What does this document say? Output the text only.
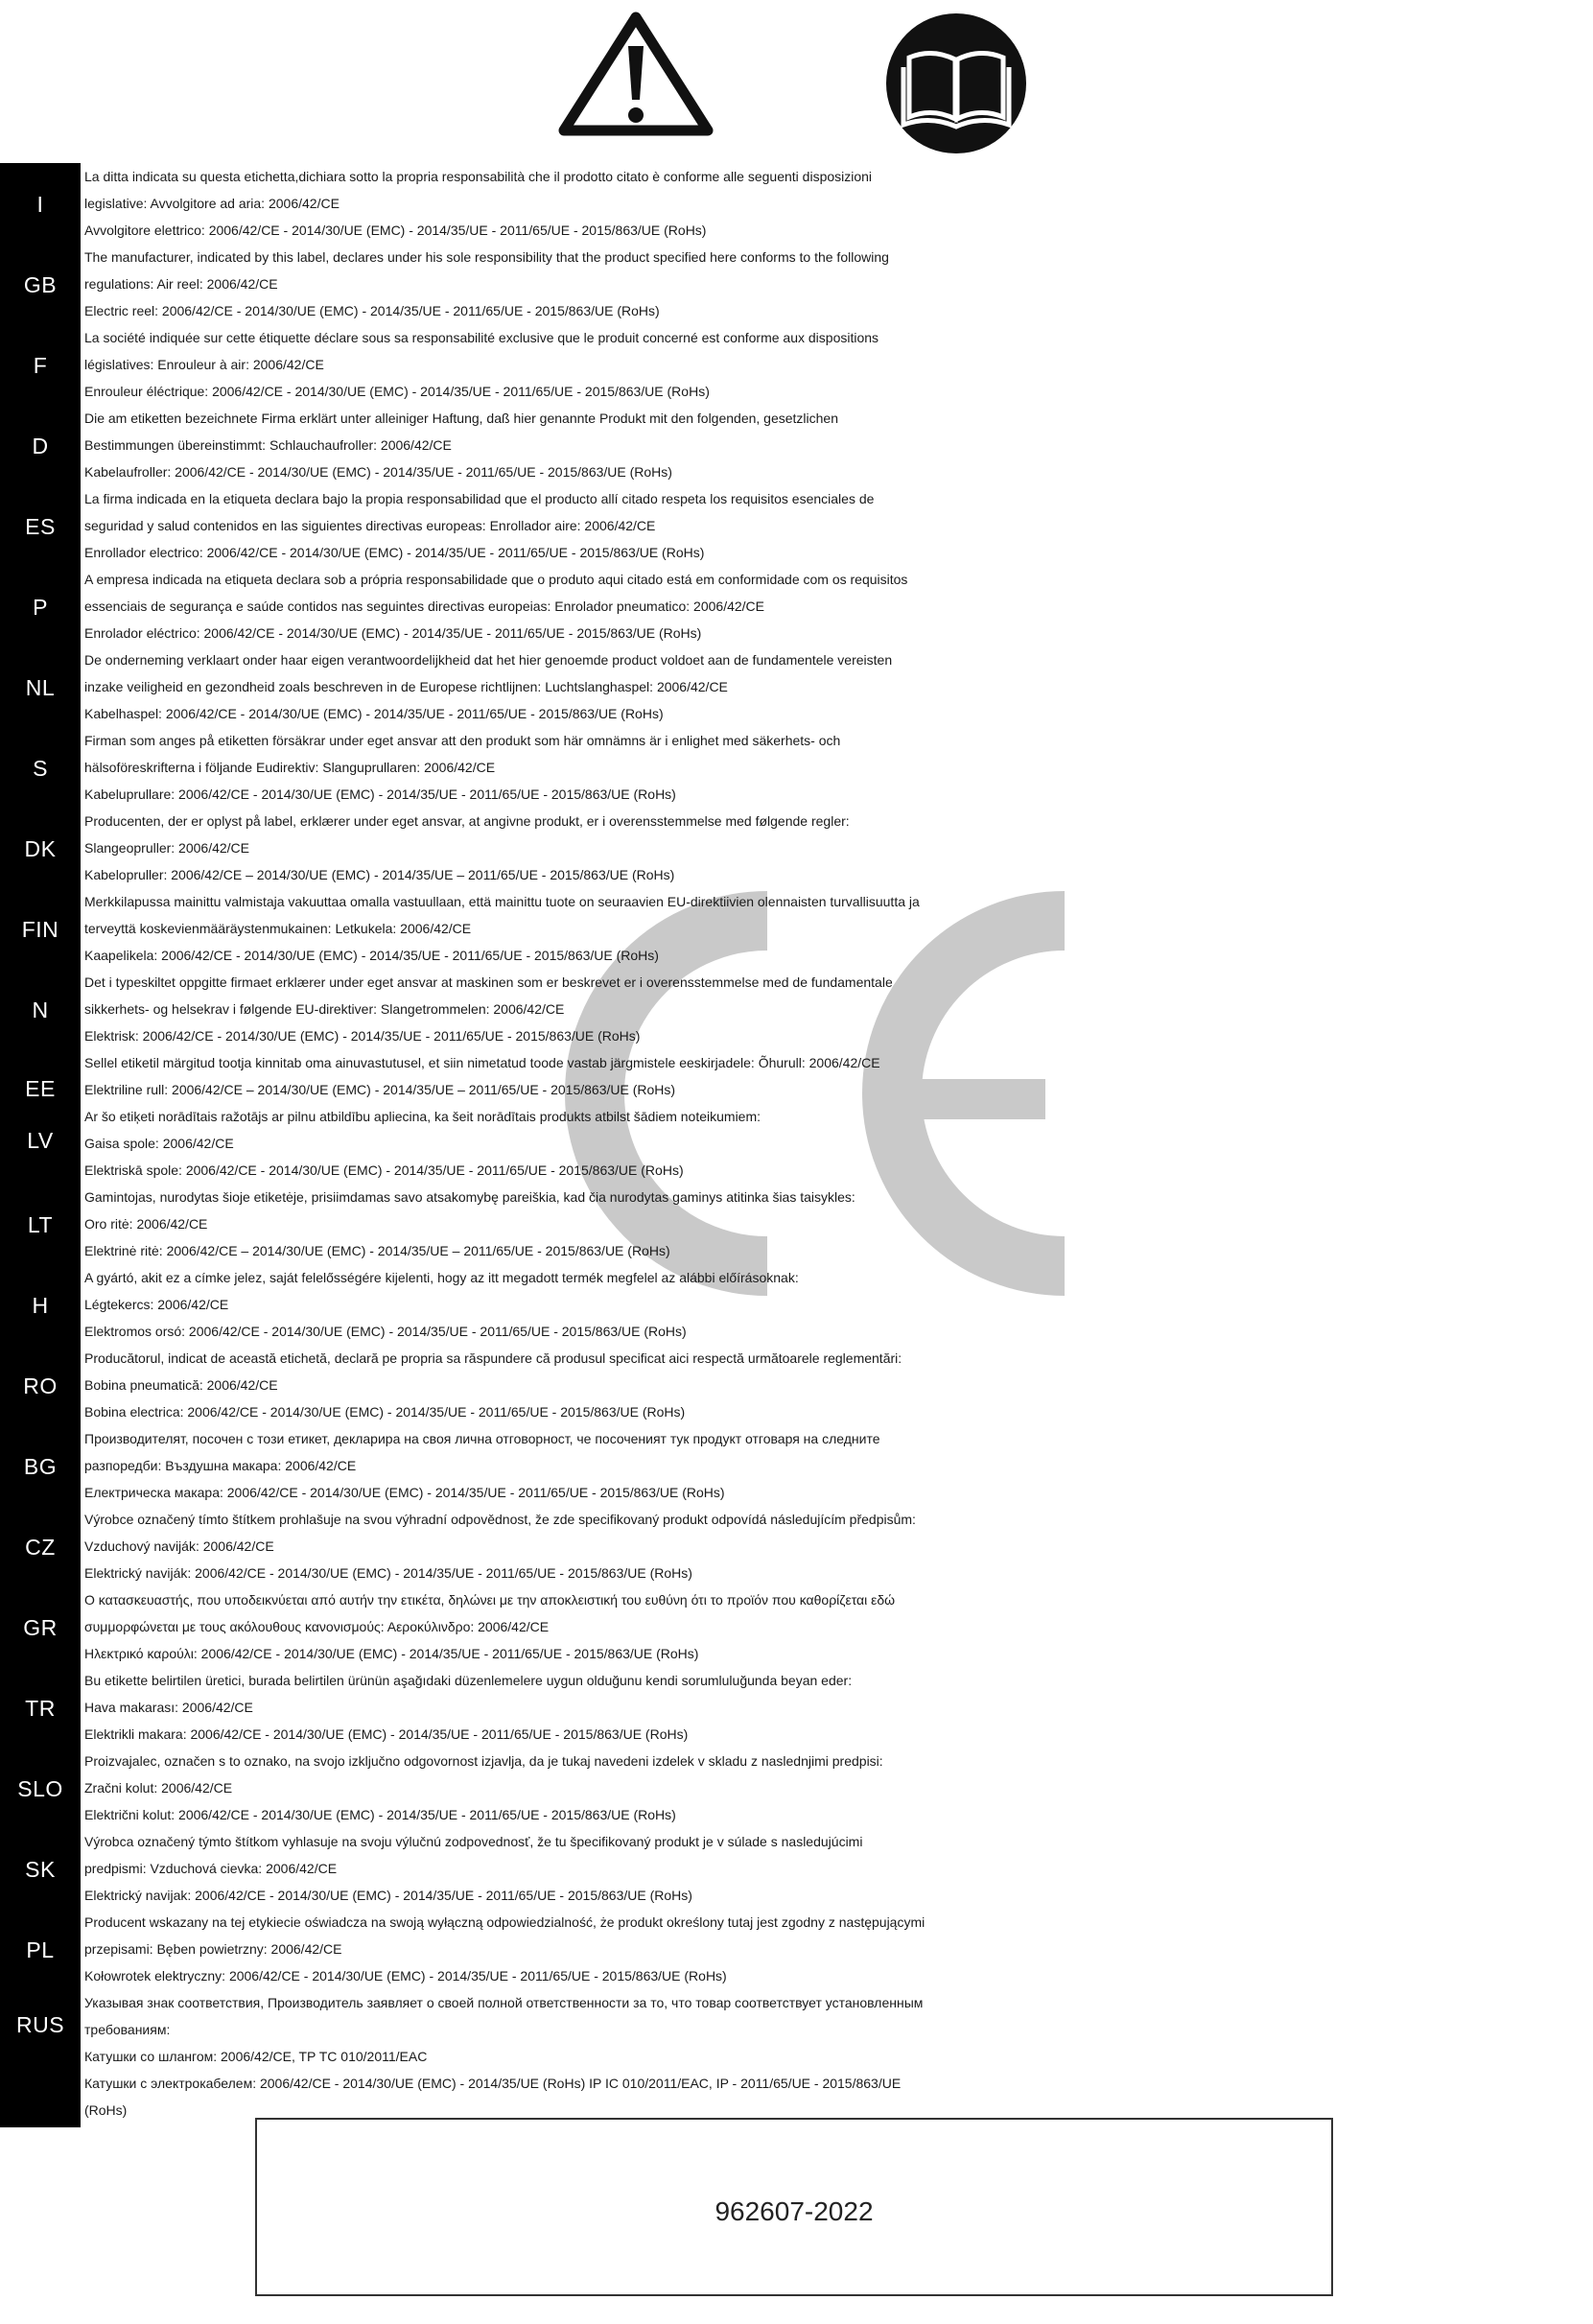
I
La ditta indicata su questa etichetta,dichiara sotto la propria responsabilità che il prodotto citato è conforme alle seguenti disposizioni
legislative: Avvolgitore ad aria: 2006/42/CE
Avvolgitore elettrico: 2006/42/CE - 2014/30/UE (EMC) - 2014/35/UE - 2011/65/UE - 2015/863/UE (RoHs)
GB
The manufacturer, indicated by this label, declares under his sole responsibility that the product specified here conforms to the following
regulations: Air reel: 2006/42/CE
Electric reel: 2006/42/CE - 2014/30/UE (EMC) - 2014/35/UE - 2011/65/UE - 2015/863/UE (RoHs)
F
La société indiquée sur cette étiquette déclare sous sa responsabilité exclusive que le produit concerné est conforme aux dispositions
législatives: Enrouleur à air: 2006/42/CE
Enrouleur éléctrique: 2006/42/CE - 2014/30/UE (EMC) - 2014/35/UE - 2011/65/UE - 2015/863/UE (RoHs)
D
Die am etiketten bezeichnete Firma erklärt unter alleiniger Haftung, daß hier genannte Produkt mit den folgenden, gesetzlichen
Bestimmungen übereinstimmt: Schlauchaufroller: 2006/42/CE
Kabelaufroller: 2006/42/CE - 2014/30/UE (EMC) - 2014/35/UE - 2011/65/UE - 2015/863/UE (RoHs)
ES
La firma indicada en la etiqueta declara bajo la propia responsabilidad que el producto allí citado respeta los requisitos esenciales de
seguridad y salud contenidos en las siguientes directivas europeas: Enrollador aire: 2006/42/CE
Enrollador electrico: 2006/42/CE - 2014/30/UE (EMC) - 2014/35/UE - 2011/65/UE - 2015/863/UE (RoHs)
P
A empresa indicada na etiqueta declara sob a própria responsabilidade que o produto aqui citado está em conformidade com os requisitos
essenciais de segurança e saúde contidos nas seguintes directivas europeias: Enrolador pneumatico: 2006/42/CE
Enrolador eléctrico: 2006/42/CE - 2014/30/UE (EMC) - 2014/35/UE - 2011/65/UE - 2015/863/UE (RoHs)
NL
De onderneming verklaart onder haar eigen verantwoordelijkheid dat het hier genoemde product voldoet aan de fundamentele vereisten
inzake veiligheid en gezondheid zoals beschreven in de Europese richtlijnen: Luchtslanghaspel: 2006/42/CE
Kabelhaspel: 2006/42/CE - 2014/30/UE (EMC) - 2014/35/UE - 2011/65/UE - 2015/863/UE (RoHs)
S
Firman som anges på etiketten försäkrar under eget ansvar att den produkt som här omnämns är i enlighet med säkerhets- och
hälsoföreskrifterna i följande Eudirektiv: Slanguprullaren: 2006/42/CE
Kabeluprullare: 2006/42/CE - 2014/30/UE (EMC) - 2014/35/UE - 2011/65/UE - 2015/863/UE (RoHs)
DK
Producenten, der er oplyst på label, erklærer under eget ansvar, at angivne produkt, er i overensstemmelse med følgende regler:
Slangeopruller: 2006/42/CE
Kabelopruller: 2006/42/CE – 2014/30/UE (EMC) - 2014/35/UE – 2011/65/UE - 2015/863/UE (RoHs)
FIN
Merkkilapussa mainittu valmistaja vakuuttaa omalla vastuullaan, että mainittu tuote on seuraavien EU-direktiivien olennaisten turvallisuutta ja
terveyttä koskevienmääräystenmukainen: Letkukela: 2006/42/CE
Kaapelikela: 2006/42/CE - 2014/30/UE (EMC) - 2014/35/UE - 2011/65/UE - 2015/863/UE (RoHs)
N
Det i typeskiltet oppgitte firmaet erklærer under eget ansvar at maskinen som er beskrevet er i overensstemmelse med de fundamentale
sikkerhets- og helsekrav i følgende EU-direktiver: Slangetrommelen: 2006/42/CE
Elektrisk: 2006/42/CE - 2014/30/UE (EMC) - 2014/35/UE - 2011/65/UE - 2015/863/UE (RoHs)
EE
Sellel etiketil märgitud tootja kinnitab oma ainuvastutusel, et siin nimetatud toode vastab järgmistele eeskirjadele: Õhurull: 2006/42/CE
Elektriline rull: 2006/42/CE – 2014/30/UE (EMC) - 2014/35/UE – 2011/65/UE - 2015/863/UE (RoHs)
LV
Ar šo etiķeti norādītais ražotājs ar pilnu atbildību apliecina, ka šeit norādītais produkts atbilst šādiem noteikumiem:
Gaisa spole: 2006/42/CE
Elektriskā spole: 2006/42/CE - 2014/30/UE (EMC) - 2014/35/UE - 2011/65/UE - 2015/863/UE (RoHs)
LT
Gamintojas, nurodytas šioje etiketėje, prisiimdamas savo atsakomybę pareiškia, kad čia nurodytas gaminys atitinka šias taisykles:
Oro ritė: 2006/42/CE
Elektrinė ritė: 2006/42/CE – 2014/30/UE (EMC) - 2014/35/UE – 2011/65/UE - 2015/863/UE (RoHs)
H
A gyártó, akit ez a címke jelez, saját felelősségére kijelenti, hogy az itt megadott termék megfelel az alábbi előírásoknak:
Légtekercs: 2006/42/CE
Elektromos orsó: 2006/42/CE - 2014/30/UE (EMC) - 2014/35/UE - 2011/65/UE - 2015/863/UE (RoHs)
RO
Producătorul, indicat de această etichetă, declară pe propria sa răspundere că produsul specificat aici respectă următoarele reglementări:
Bobina pneumatică: 2006/42/CE
Bobina electrica: 2006/42/CE - 2014/30/UE (EMC) - 2014/35/UE - 2011/65/UE - 2015/863/UE (RoHs)
BG
Производителят, посочен с този етикет, декларира на своя лична отговорност, че посоченият тук продукт отговаря на следните
разпоредби: Въздушна макара: 2006/42/CE
Електрическа макара: 2006/42/CE - 2014/30/UE (EMC) - 2014/35/UE - 2011/65/UE - 2015/863/UE (RoHs)
CZ
Výrobce označený tímto štítkem prohlašuje na svou výhradní odpovědnost, že zde specifikovaný produkt odpovídá následujícím předpisům:
Vzduchový naviják: 2006/42/CE
Elektrický naviják: 2006/42/CE - 2014/30/UE (EMC) - 2014/35/UE - 2011/65/UE - 2015/863/UE (RoHs)
GR
Ο κατασκευαστής, που υποδεικνύεται από αυτήν την ετικέτα, δηλώνει με την αποκλειστική του ευθύνη ότι το προϊόν που καθορίζεται εδώ
συμμορφώνεται με τους ακόλουθους κανονισμούς: Αεροκύλινδρο: 2006/42/CE
Ηλεκτρικό καρούλι: 2006/42/CE - 2014/30/UE (EMC) - 2014/35/UE - 2011/65/UE - 2015/863/UE (RoHs)
TR
Bu etikette belirtilen üretici, burada belirtilen ürünün aşağıdaki düzenlemelere uygun olduğunu kendi sorumluluğunda beyan eder:
Hava makarası: 2006/42/CE
Elektrikli makara: 2006/42/CE - 2014/30/UE (EMC) - 2014/35/UE - 2011/65/UE - 2015/863/UE (RoHs)
SLO
Proizvajalec, označen s to oznako, na svojo izključno odgovornost izjavlja, da je tukaj navedeni izdelek v skladu z naslednjimi predpisi:
Zračni kolut: 2006/42/CE
Električni kolut: 2006/42/CE - 2014/30/UE (EMC) - 2014/35/UE - 2011/65/UE - 2015/863/UE (RoHs)
SK
Výrobca označený týmto štítkom vyhlasuje na svoju výlučnú zodpovednosť, že tu špecifikovaný produkt je v súlade s nasledujúcimi
predpismi: Vzduchová cievka: 2006/42/CE
Elektrický navijak: 2006/42/CE - 2014/30/UE (EMC) - 2014/35/UE - 2011/65/UE - 2015/863/UE (RoHs)
PL
Producent wskazany na tej etykiecie oświadcza na swoją wyłączną odpowiedzialność, że produkt określony tutaj jest zgodny z następującymi
przepisami: Bęben powietrzny: 2006/42/CE
Kołowrotek elektryczny: 2006/42/CE - 2014/30/UE (EMC) - 2014/35/UE - 2011/65/UE - 2015/863/UE (RoHs)
RUS
Указывая знак соответствия, Производитель заявляет о своей полной ответственности за то, что товар соответствует установленным
требованиям:
Катушки со шлангом: 2006/42/CE, TP TC 010/2011/EAC
Катушки с электрокабелем: 2006/42/CE - 2014/30/UE (EMC) - 2014/35/UE (RoHs) IP IC 010/2011/EAC, IP - 2011/65/UE - 2015/863/UE
(RoHs)
962607-2022
